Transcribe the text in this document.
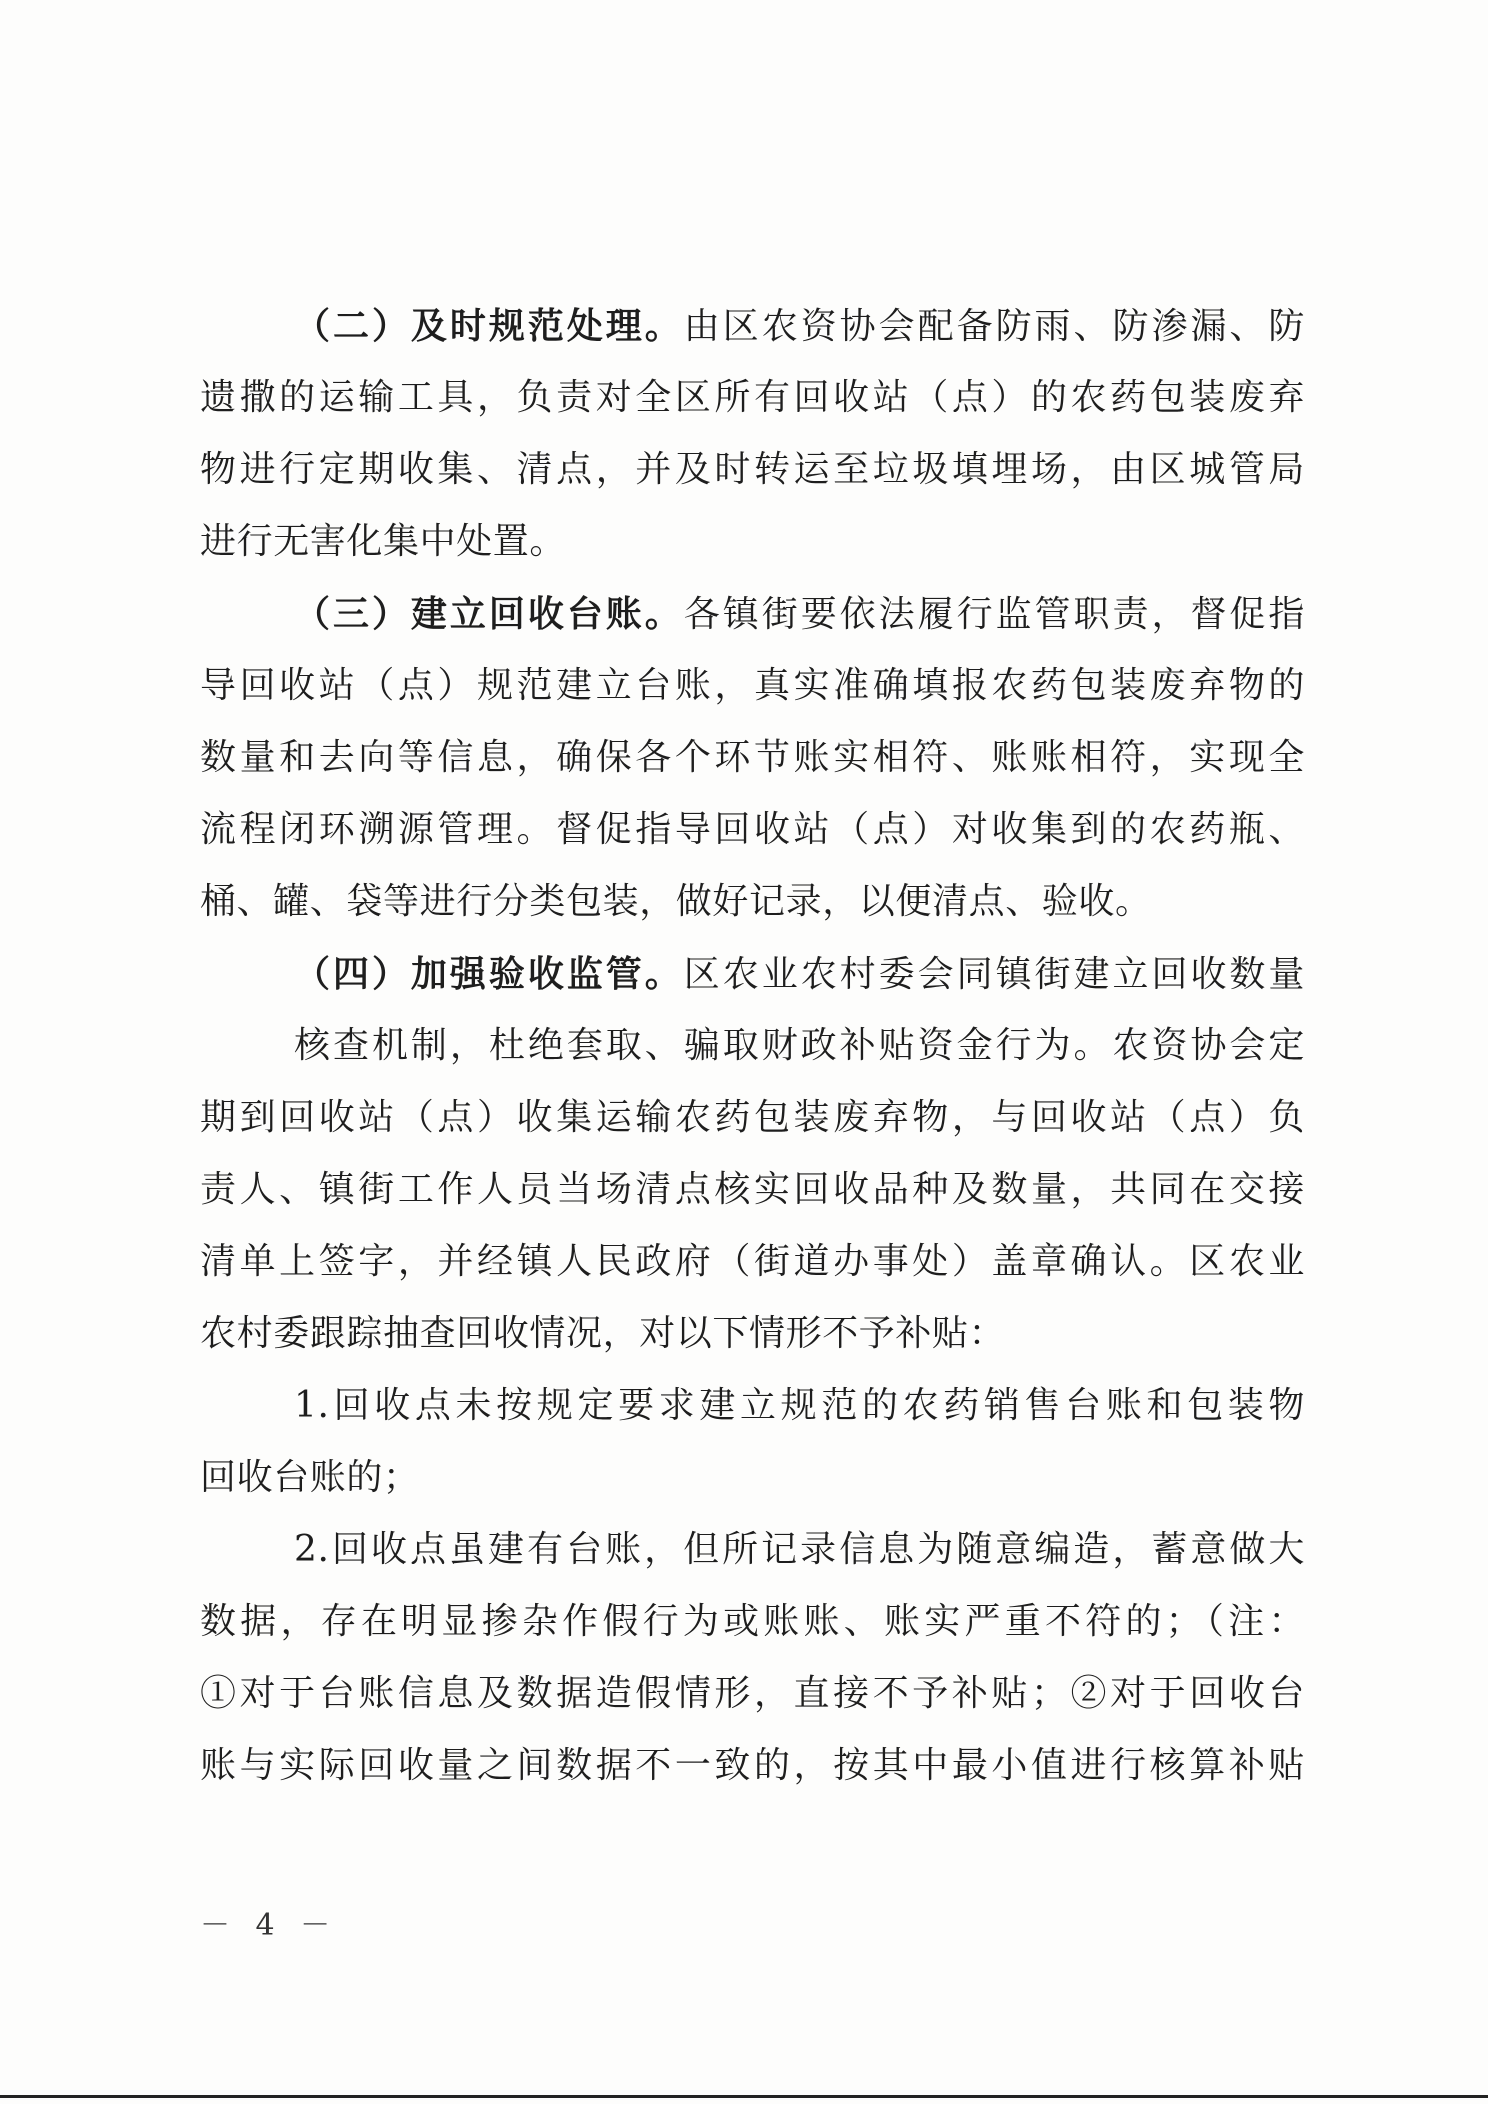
（二）及时规范处理。由区农资协会配备防雨、防渗漏、防
遗撒的运输工具，负责对全区所有回收站（点）的农药包装废弃
物进行定期收集、清点，并及时转运至垃圾填埋场，由区城管局
进行无害化集中处置。
（三）建立回收台账。各镇街要依法履行监管职责，督促指
导回收站（点）规范建立台账，真实准确填报农药包装废弃物的
数量和去向等信息，确保各个环节账实相符、账账相符，实现全
流程闭环溯源管理。督促指导回收站（点）对收集到的农药瓶、
桶、罐、袋等进行分类包装，做好记录，以便清点、验收。
（四）加强验收监管。区农业农村委会同镇街建立回收数量
核查机制，杜绝套取、骗取财政补贴资金行为。农资协会定
期到回收站（点）收集运输农药包装废弃物，与回收站（点）负
责人、镇街工作人员当场清点核实回收品种及数量，共同在交接
清单上签字，并经镇人民政府（街道办事处）盖章确认。区农业
农村委跟踪抽查回收情况，对以下情形不予补贴：
1.回收点未按规定要求建立规范的农药销售台账和包装物
回收台账的；
2.回收点虽建有台账，但所记录信息为随意编造，蓄意做大
数据，存在明显掺杂作假行为或账账、账实严重不符的；（注：
①对于台账信息及数据造假情形，直接不予补贴；②对于回收台
账与实际回收量之间数据不一致的，按其中最小值进行核算补贴
－ 4 －
